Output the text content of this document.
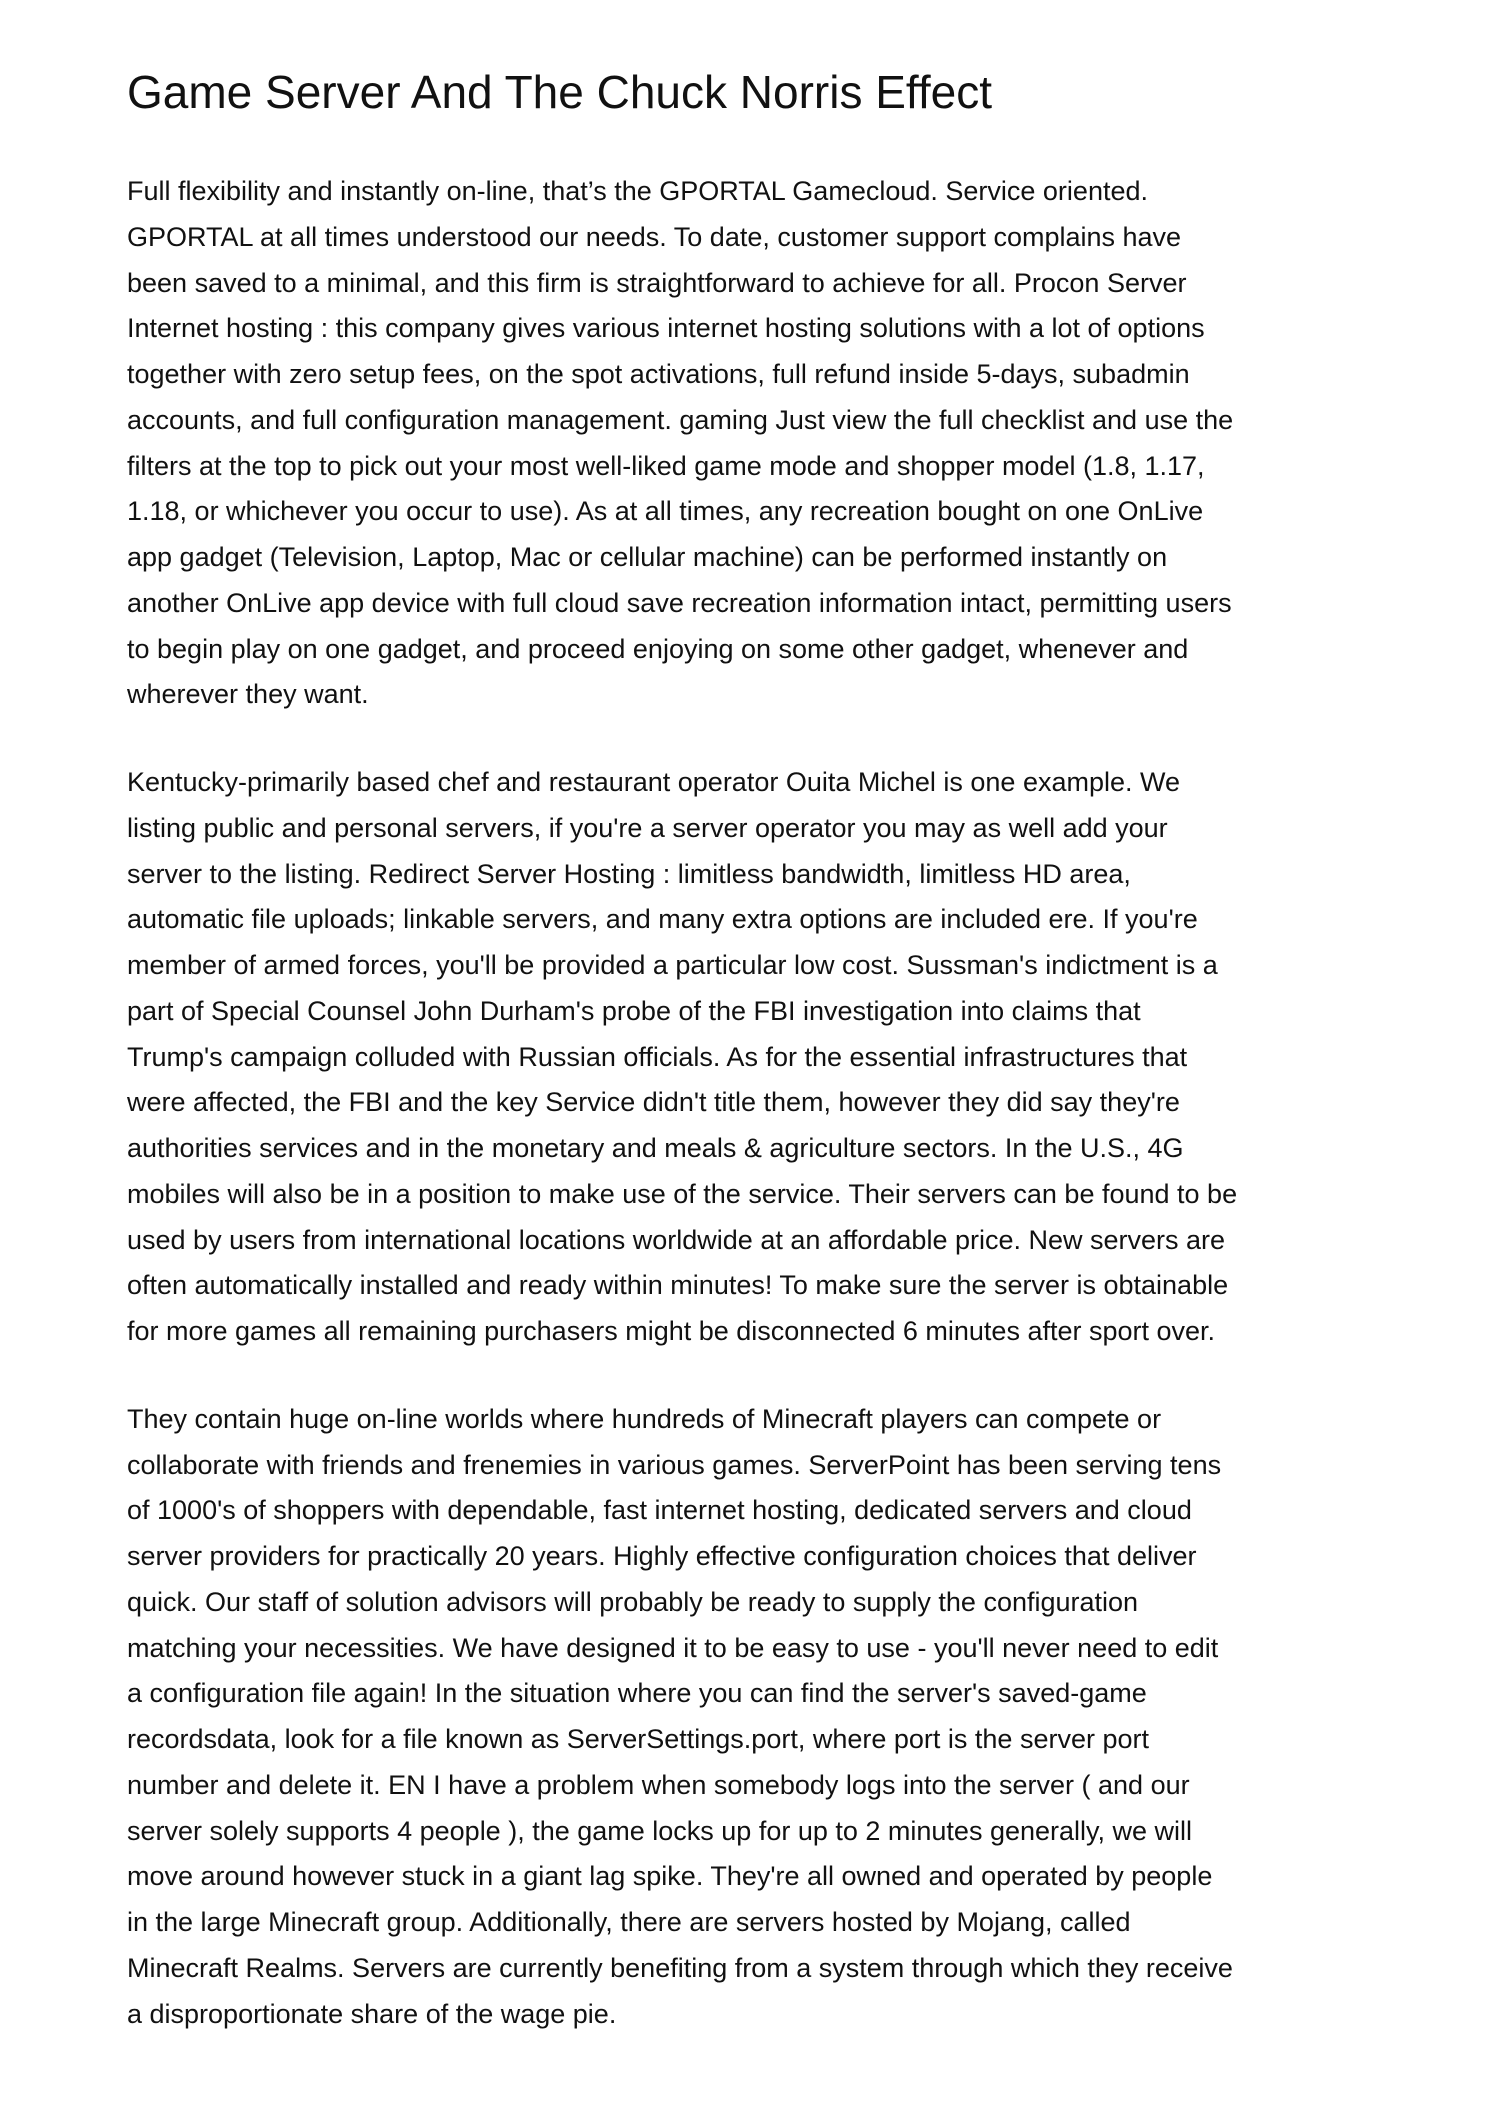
Game Server And The Chuck Norris Effect

Full flexibility and instantly on-line, that’s the GPORTAL Gamecloud. Service oriented.
GPORTAL at all times understood our needs. To date, customer support complains have
been saved to a minimal, and this firm is straightforward to achieve for all. Procon Server
Internet hosting : this company gives various internet hosting solutions with a lot of options
together with zero setup fees, on the spot activations, full refund inside 5-days, subadmin
accounts, and full configuration management. gaming Just view the full checklist and use the
filters at the top to pick out your most well-liked game mode and shopper model (1.8, 1.17,
1.18, or whichever you occur to use). As at all times, any recreation bought on one OnLive
app gadget (Television, Laptop, Mac or cellular machine) can be performed instantly on
another OnLive app device with full cloud save recreation information intact, permitting users
to begin play on one gadget, and proceed enjoying on some other gadget, whenever and
wherever they want.

Kentucky-primarily based chef and restaurant operator Ouita Michel is one example. We
listing public and personal servers, if you're a server operator you may as well add your
server to the listing. Redirect Server Hosting : limitless bandwidth, limitless HD area,
automatic file uploads; linkable servers, and many extra options are included ere. If you're
member of armed forces, you'll be provided a particular low cost. Sussman's indictment is a
part of Special Counsel John Durham's probe of the FBI investigation into claims that
Trump's campaign colluded with Russian officials. As for the essential infrastructures that
were affected, the FBI and the key Service didn't title them, however they did say they're
authorities services and in the monetary and meals & agriculture sectors. In the U.S., 4G
mobiles will also be in a position to make use of the service. Their servers can be found to be
used by users from international locations worldwide at an affordable price. New servers are
often automatically installed and ready within minutes! To make sure the server is obtainable
for more games all remaining purchasers might be disconnected 6 minutes after sport over.

They contain huge on-line worlds where hundreds of Minecraft players can compete or
collaborate with friends and frenemies in various games. ServerPoint has been serving tens
of 1000's of shoppers with dependable, fast internet hosting, dedicated servers and cloud
server providers for practically 20 years. Highly effective configuration choices that deliver
quick. Our staff of solution advisors will probably be ready to supply the configuration
matching your necessities. We have designed it to be easy to use - you'll never need to edit
a configuration file again! In the situation where you can find the server's saved-game
recordsdata, look for a file known as ServerSettings.port, where port is the server port
number and delete it. EN I have a problem when somebody logs into the server ( and our
server solely supports 4 people ), the game locks up for up to 2 minutes generally, we will
move around however stuck in a giant lag spike. They're all owned and operated by people
in the large Minecraft group. Additionally, there are servers hosted by Mojang, called
Minecraft Realms. Servers are currently benefiting from a system through which they receive
a disproportionate share of the wage pie.
